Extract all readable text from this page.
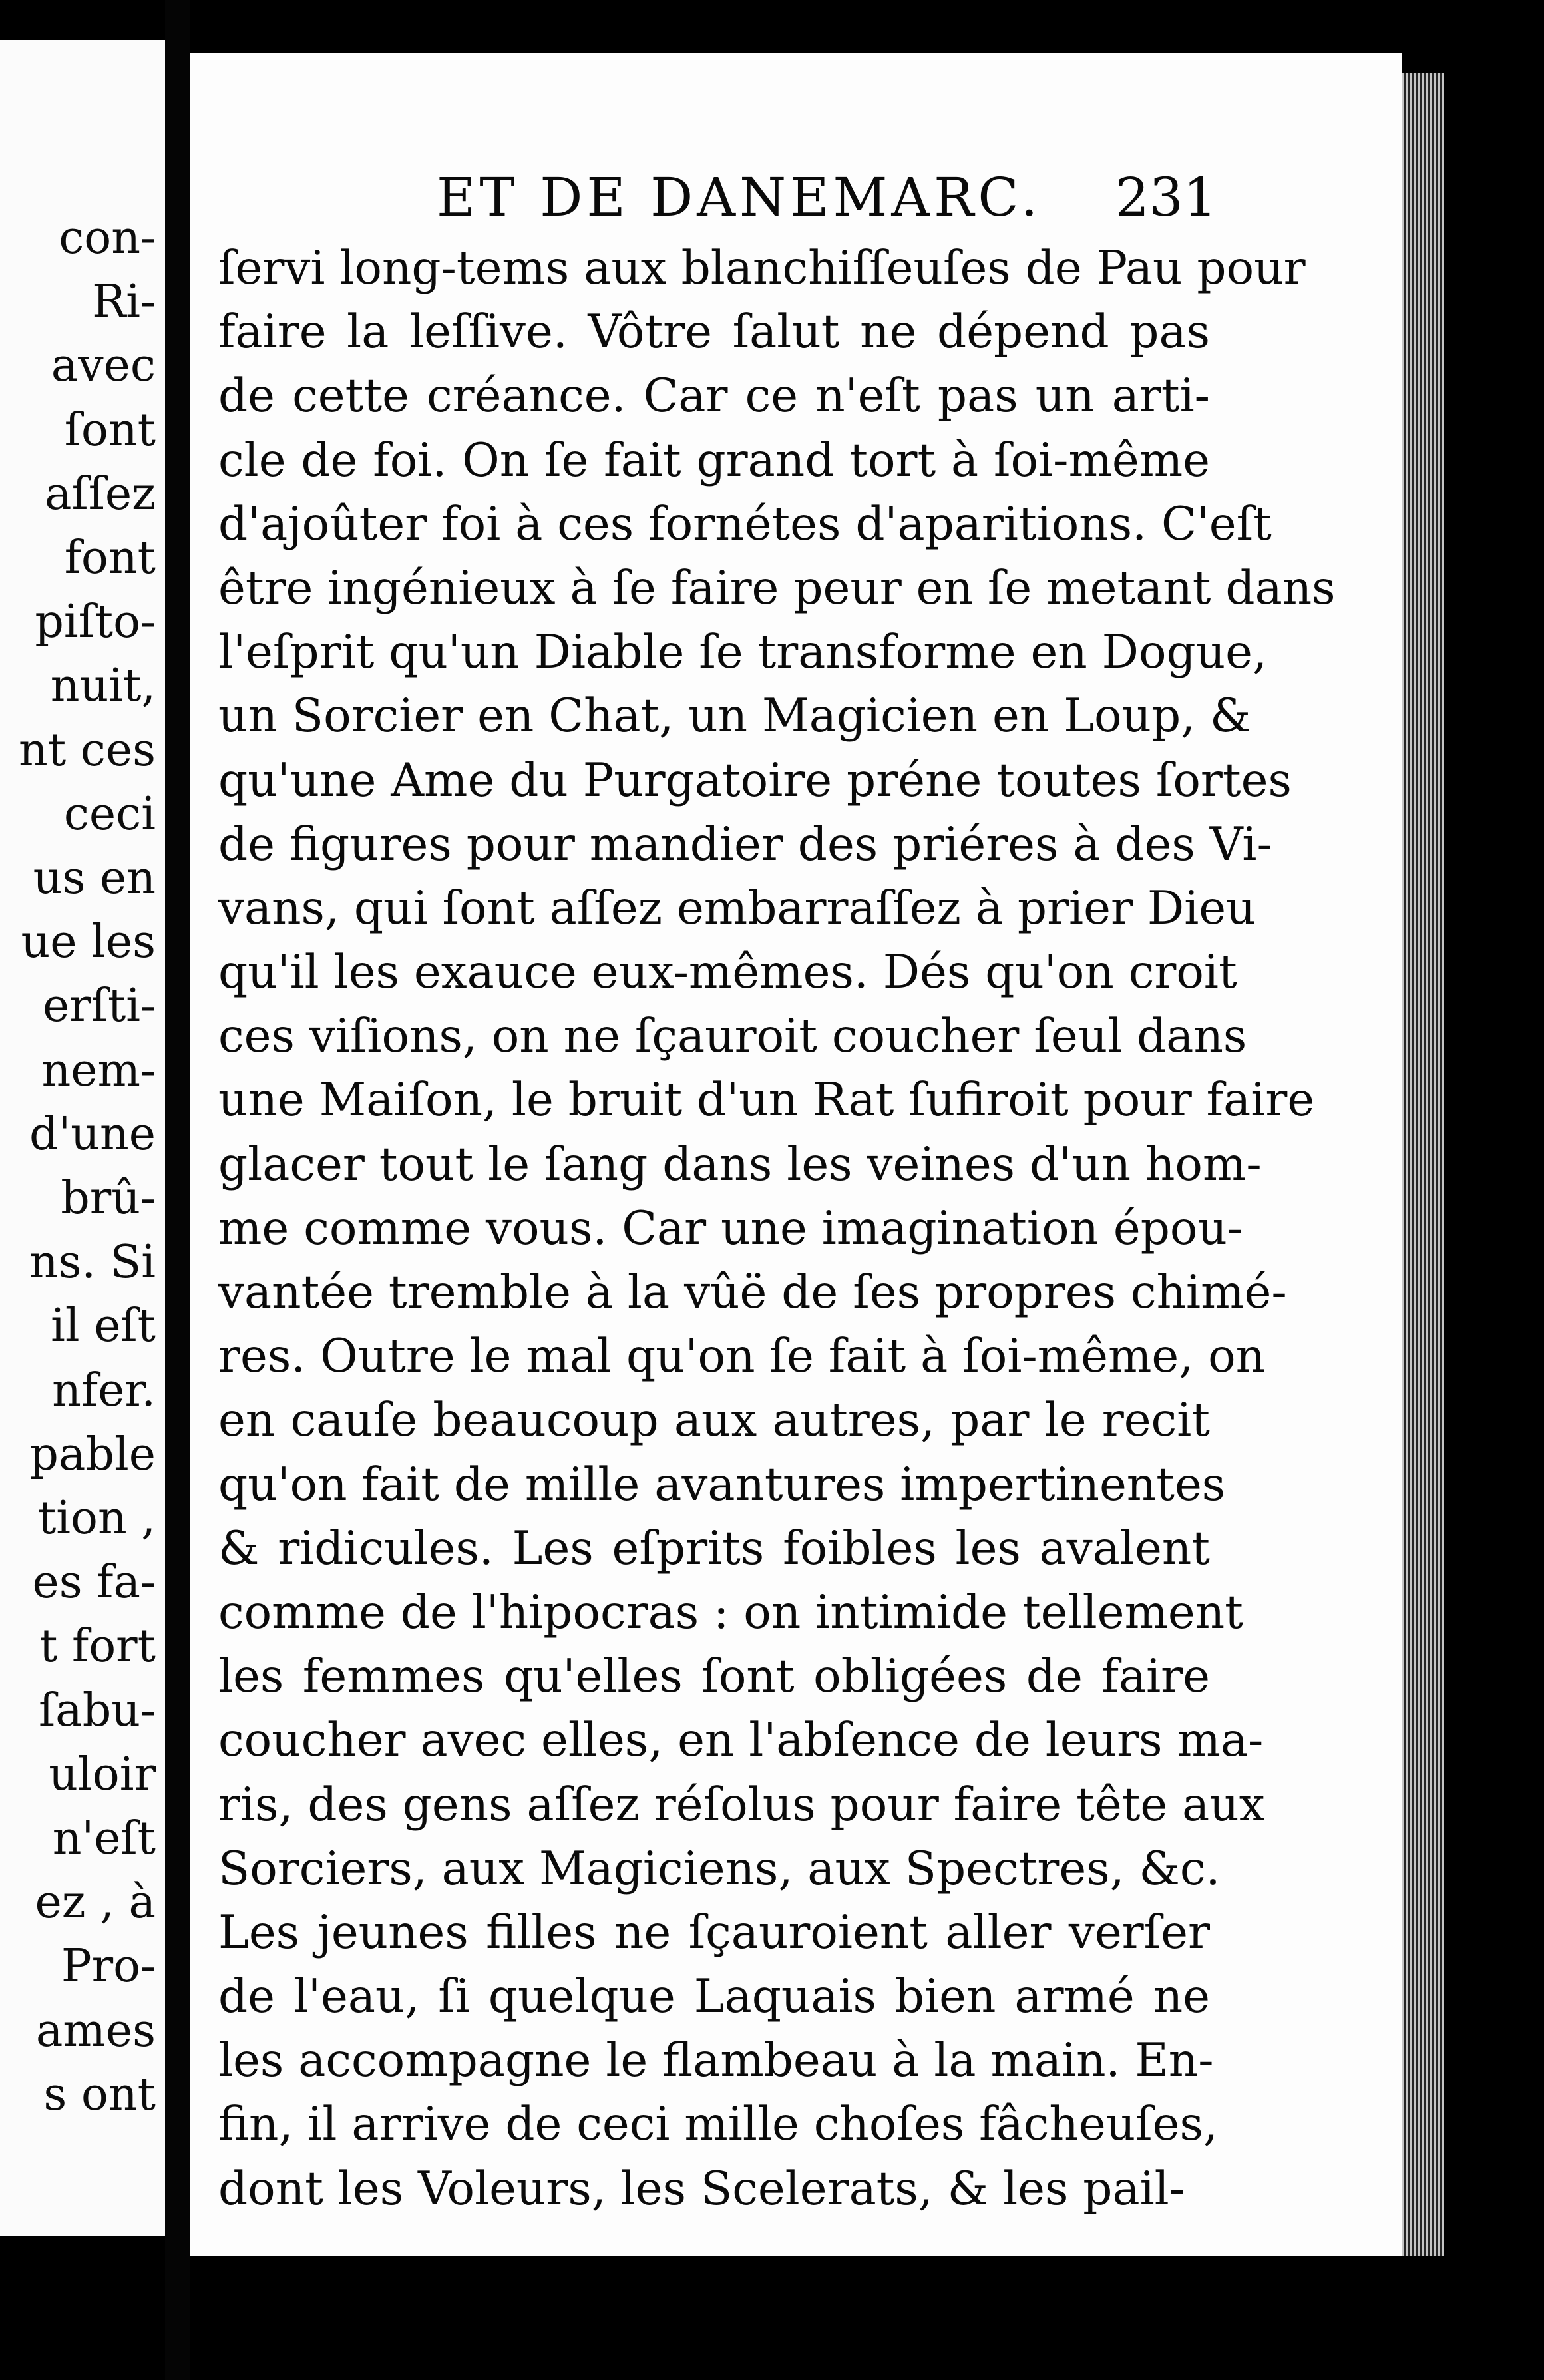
con-
Ri-
avec
ſont
aſſez
font
piſto-
nuit,
nt ces
ceci
us en
ue les
erſti-
nem-
d'une
brû-
ns. Si
il eſt
nfer.
pable
tion ,
es fa-
t fort
ſabu-
uloir
n'eſt
ez , à
Pro-
ames
s ont
ET DE DANEMARC. 231
ſervi long-tems aux blanchiſſeuſes de Pau pour
faire la leſſive. Vôtre ſalut ne dépend pas
de cette créance. Car ce n'eſt pas un arti-
cle de foi. On ſe fait grand tort à ſoi-même
d'ajoûter foi à ces fornétes d'aparitions. C'eſt
être ingénieux à ſe faire peur en ſe metant dans
l'eſprit qu'un Diable ſe transforme en Dogue,
un Sorcier en Chat, un Magicien en Loup, &
qu'une Ame du Purgatoire préne toutes ſortes
de figures pour mandier des priéres à des Vi-
vans, qui ſont aſſez embarraſſez à prier Dieu
qu'il les exauce eux-mêmes. Dés qu'on croit
ces viſions, on ne ſçauroit coucher ſeul dans
une Maiſon, le bruit d'un Rat ſufiroit pour faire
glacer tout le ſang dans les veines d'un hom-
me comme vous. Car une imagination épou-
vantée tremble à la vûë de ſes propres chimé-
res. Outre le mal qu'on ſe fait à ſoi-même, on
en cauſe beaucoup aux autres, par le recit
qu'on fait de mille avantures impertinentes
& ridicules. Les eſprits foibles les avalent
comme de l'hipocras : on intimide tellement
les femmes qu'elles ſont obligées de faire
coucher avec elles, en l'abſence de leurs ma-
ris, des gens aſſez réſolus pour faire tête aux
Sorciers, aux Magiciens, aux Spectres, &c.
Les jeunes filles ne ſçauroient aller verſer
de l'eau, ſi quelque Laquais bien armé ne
les accompagne le flambeau à la main. En-
fin, il arrive de ceci mille choſes fâcheuſes,
dont les Voleurs, les Scelerats, & les pail-
